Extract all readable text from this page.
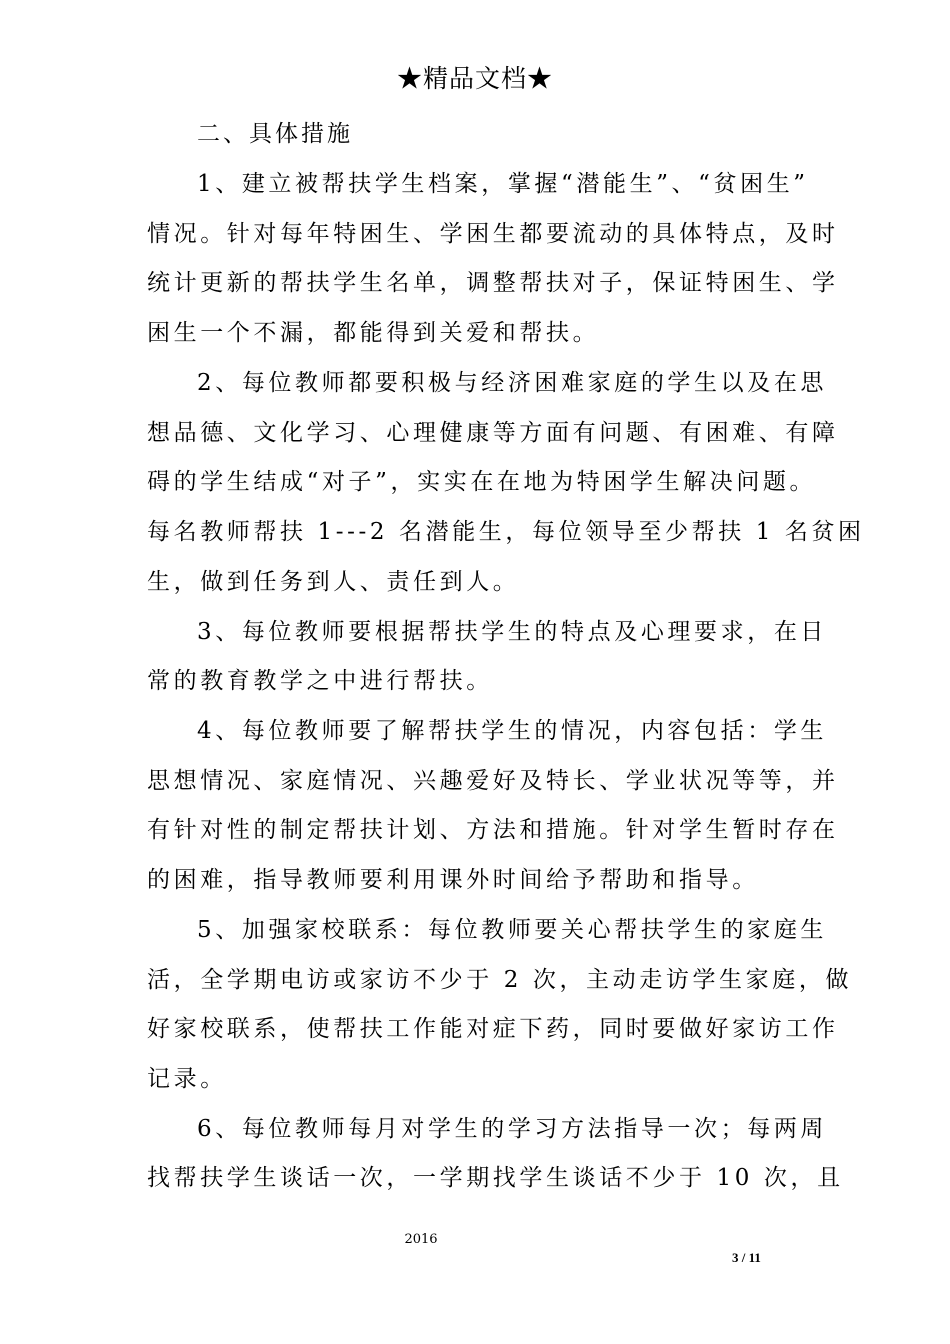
★精品文档★
二、具体措施
1、建立被帮扶学生档案，掌握“潜能生”、“贫困生”
情况。针对每年特困生、学困生都要流动的具体特点，及时
统计更新的帮扶学生名单，调整帮扶对子，保证特困生、学
困生一个不漏，都能得到关爱和帮扶。
2、每位教师都要积极与经济困难家庭的学生以及在思
想品德、文化学习、心理健康等方面有问题、有困难、有障
碍的学生结成“对子”，实实在在地为特困学生解决问题。
每名教师帮扶 1---2 名潜能生，每位领导至少帮扶 1 名贫困
生，做到任务到人、责任到人。
3、每位教师要根据帮扶学生的特点及心理要求，在日
常的教育教学之中进行帮扶。
4、每位教师要了解帮扶学生的情况，内容包括：学生
思想情况、家庭情况、兴趣爱好及特长、学业状况等等，并
有针对性的制定帮扶计划、方法和措施。针对学生暂时存在
的困难，指导教师要利用课外时间给予帮助和指导。
5、加强家校联系：每位教师要关心帮扶学生的家庭生
活，全学期电访或家访不少于 2 次，主动走访学生家庭，做
好家校联系，使帮扶工作能对症下药，同时要做好家访工作
记录。
6、每位教师每月对学生的学习方法指导一次；每两周
找帮扶学生谈话一次，一学期找学生谈话不少于 10 次，且
2016
3 / 11
